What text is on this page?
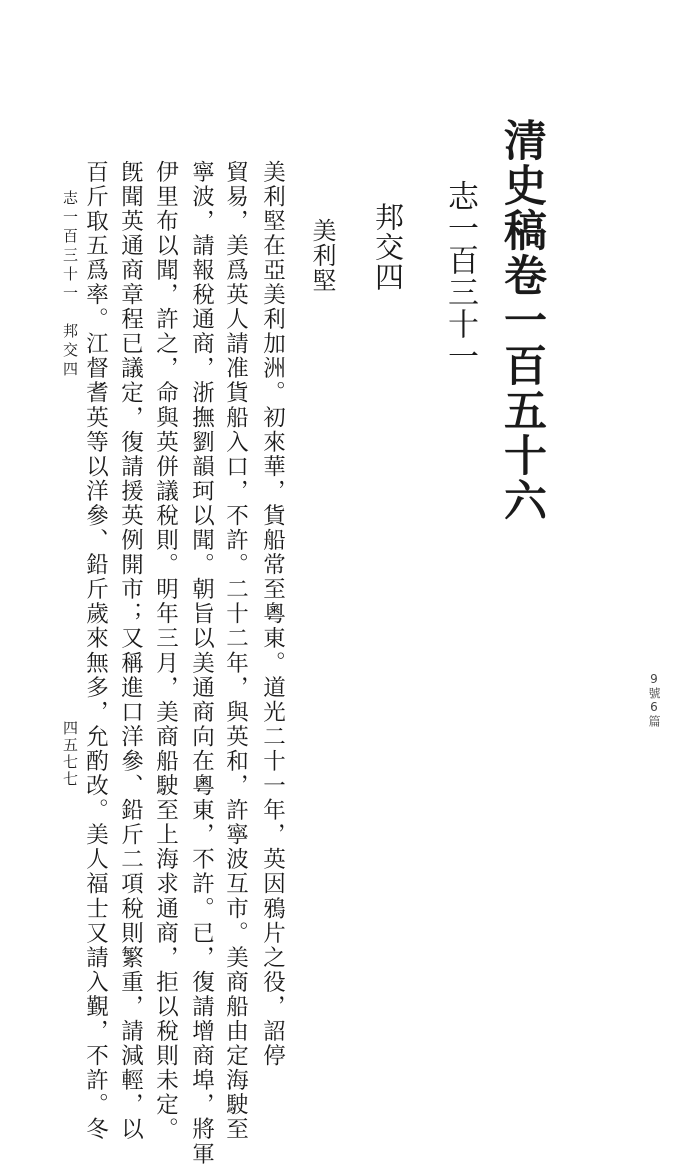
清史稿卷一百五十六
志一百三十一
邦交四
美利堅
美利堅在亞美利加洲。初來華，貨船常至粵東。道光二十一年，英因鴉片之役，詔停
貿易，美爲英人請准貨船入口，不許。二十二年，與英和，許寧波互市。美商船由定海駛至
寧波，請報稅通商，浙撫劉韻珂以聞。朝旨以美通商向在粵東，不許。已，復請增商埠，將軍
伊里布以聞，許之，命與英併議稅則。明年三月，美商船駛至上海求通商，拒以稅則未定。
旣聞英通商章程已議定，復請援英例開市；又稱進口洋參、鉛斤二項稅則繁重，請減輕，以
百斤取五爲率。江督耆英等以洋參、鉛斤歲來無多，允酌改。美人福士又請入覲，不許。冬
志一百三十一　邦交四
四五七七
9號6篇
